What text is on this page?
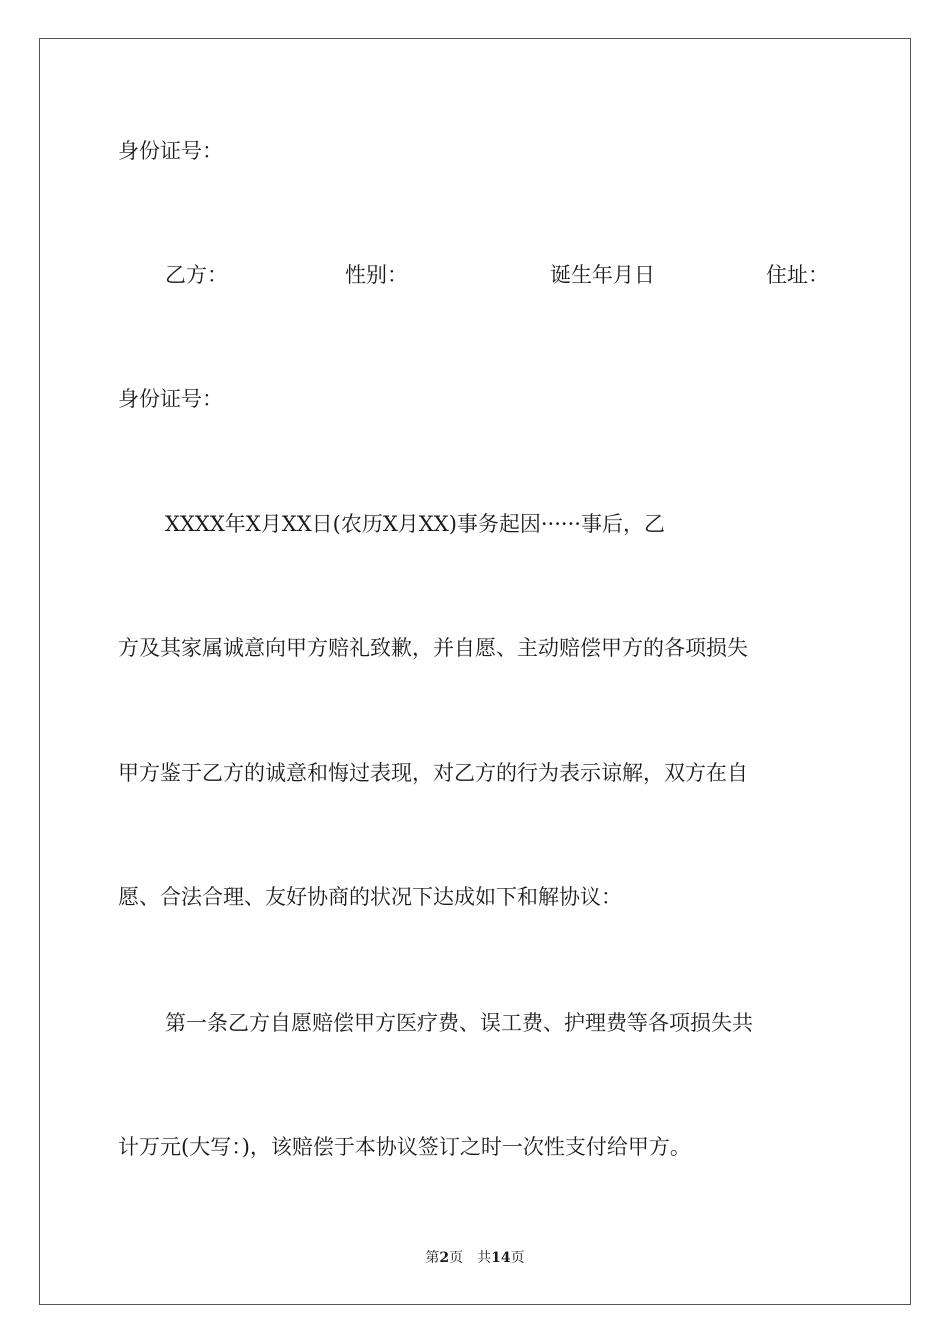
身份证号：
乙方：	性别：	诞生年月日	住址：
身份证号：
XXXX年X月XX日(农历X月XX)事务起因······事后，乙
方及其家属诚意向甲方赔礼致歉，并自愿、主动赔偿甲方的各项损失
甲方鉴于乙方的诚意和悔过表现，对乙方的行为表示谅解，双方在自
愿、合法合理、友好协商的状况下达成如下和解协议：
第一条乙方自愿赔偿甲方医疗费、误工费、护理费等各项损失共
计万元(大写：)，该赔偿于本协议签订之时一次性支付给甲方。
第2页　共14页
